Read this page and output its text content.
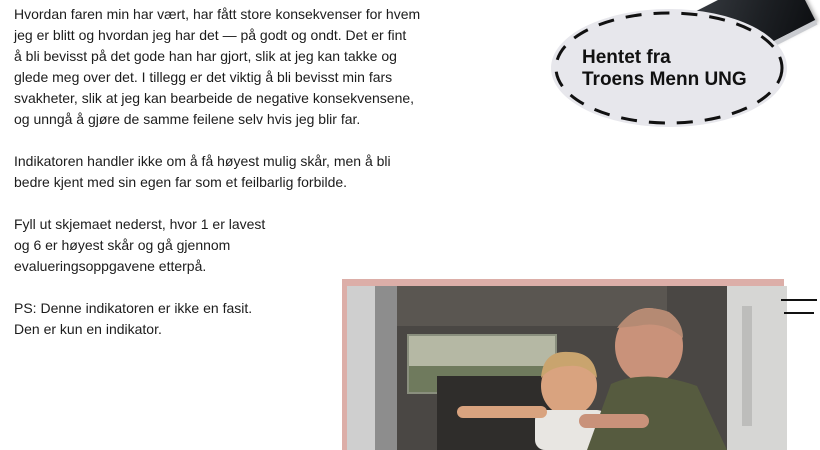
Hvordan faren min har vært, har fått store konsekvenser for hvem
jeg er blitt og hvordan jeg har det — på godt og ondt. Det er fint
å bli bevisst på det gode han har gjort, slik at jeg kan takke og
glede meg over det. I tillegg er det viktig å bli bevisst min fars
svakheter, slik at jeg kan bearbeide de negative konsekvensene,
og unngå å gjøre de samme feilene selv hvis jeg blir far.

Indikatoren handler ikke om å få høyest mulig skår, men å bli
bedre kjent med sin egen far som et feilbarlig forbilde.

Fyll ut skjemaet nederst, hvor 1 er lavest
og 6 er høyest skår og gå gjennom
evalueringsoppgavene etterpå.

PS: Denne indikatoren er ikke en fasit.
Den er kun en indikator.

Hentet fra
Troens Menn UNG
